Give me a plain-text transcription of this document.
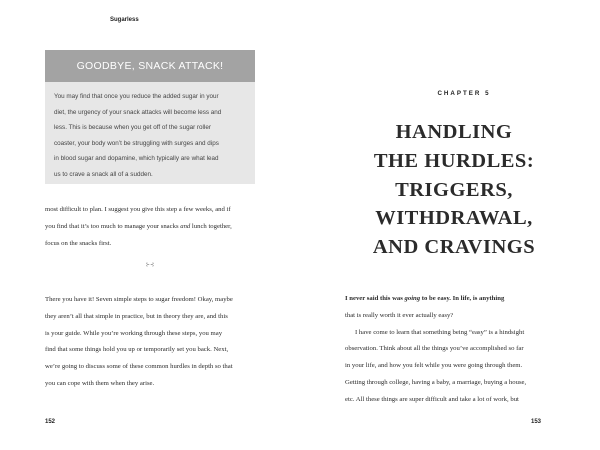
Sugarless
GOODBYE, SNACK ATTACK!
You may find that once you reduce the added sugar in your
diet, the urgency of your snack attacks will become less and
less. This is because when you get off of the sugar roller
coaster, your body won’t be struggling with surges and dips
in blood sugar and dopamine, which typically are what lead
us to crave a snack all of a sudden.
most difficult to plan. I suggest you give this step a few weeks, and if
you find that it’s too much to manage your snacks and lunch together,
focus on the snacks first.
⊱⊰
There you have it! Seven simple steps to sugar freedom! Okay, maybe
they aren’t all that simple in practice, but in theory they are, and this
is your guide. While you’re working through these steps, you may
find that some things hold you up or temporarily set you back. Next,
we’re going to discuss some of these common hurdles in depth so that
you can cope with them when they arise.
152
CHAPTER 5
HANDLING
THE HURDLES:
TRIGGERS,
WITHDRAWAL,
AND CRAVINGS

I never said this was going to be easy. In life, is anything
that is really worth it ever actually easy?

I have come to learn that something being “easy” is a hindsight
observation. Think about all the things you’ve accomplished so far
in your life, and how you felt while you were going through them.
Getting through college, having a baby, a marriage, buying a house,
etc. All these things are super difficult and take a lot of work, but

153
